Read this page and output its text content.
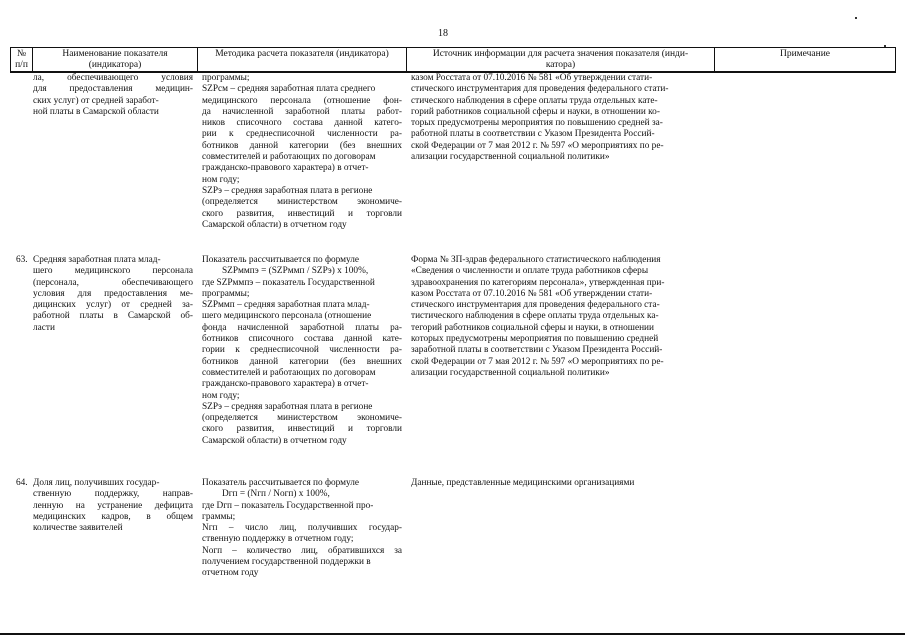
18
№
п/п
Наименование показателя
(индикатора)
Методика расчета показателя (индикатора)	Источник информации для расчета значения показателя (инди-
катора)
Примечание
ла, обеспечивающего условия
для предоставления медицин-
ских услуг) от средней заработ-
ной платы в Самарской области
программы;
SZPсм – средняя заработная плата среднего
медицинского персонала (отношение фон-
да начисленной заработной платы работ-
ников списочного состава данной катего-
рии к среднесписочной численности ра-
ботников данной категории (без внешних
совместителей и работающих по договорам
гражданско-правового характера) в отчет-
ном году;
SZPэ – средняя заработная плата в регионе
(определяется министерством экономиче-
ского развития, инвестиций и торговли
Самарской области) в отчетном году
казом Росстата от 07.10.2016 № 581 «Об утверждении стати-
стического инструментария для проведения федерального стати-
стического наблюдения в сфере оплаты труда отдельных кате-
горий работников социальной сферы и науки, в отношении ко-
торых предусмотрены мероприятия по повышению средней за-
работной платы в соответствии с Указом Президента Россий-
ской Федерации от 7 мая 2012 г. № 597 «О мероприятиях по ре-
ализации государственной социальной политики»
63. Средняя заработная плата млад-
шего медицинского персонала
(персонала, обеспечивающего
условия для предоставления ме-
дицинских услуг) от средней за-
работной платы в Самарской об-
ласти
Показатель рассчитывается по формуле
SZPммпэ = (SZPммп / SZPэ) х 100%,
где SZPммпэ – показатель Государственной
программы;
SZPммп – средняя заработная плата млад-
шего медицинского персонала (отношение
фонда начисленной заработной платы ра-
ботников списочного состава данной кате-
гории к среднесписочной численности ра-
ботников данной категории (без внешних
совместителей и работающих по договорам
гражданско-правового характера) в отчет-
ном году;
SZPэ – средняя заработная плата в регионе
(определяется министерством экономиче-
ского развития, инвестиций и торговли
Самарской области) в отчетном году
Форма № ЗП-здрав федерального статистического наблюдения
«Сведения о численности и оплате труда работников сферы
здравоохранения по категориям персонала», утвержденная при-
казом Росстата от 07.10.2016 № 581 «Об утверждении стати-
стического инструментария для проведения федерального ста-
тистического наблюдения в сфере оплаты труда отдельных ка-
тегорий работников социальной сферы и науки, в отношении
которых предусмотрены мероприятия по повышению средней
заработной платы в соответствии с Указом Президента Россий-
ской Федерации от 7 мая 2012 г. № 597 «О мероприятиях по ре-
ализации государственной социальной политики»
64. Доля лиц, получивших государ-
ственную поддержку, направ-
ленную на устранение дефицита
медицинских кадров, в общем
количестве заявителей
Показатель рассчитывается по формуле
Dгп = (Nгп / Nогп) х 100%,
где Dгп – показатель Государственной про-
граммы;
Nгп – число лиц, получивших государ-
ственную поддержку в отчетном году;
Nогп – количество лиц, обратившихся за
получением государственной поддержки в
отчетном году
Данные, представленные медицинскими организациями
